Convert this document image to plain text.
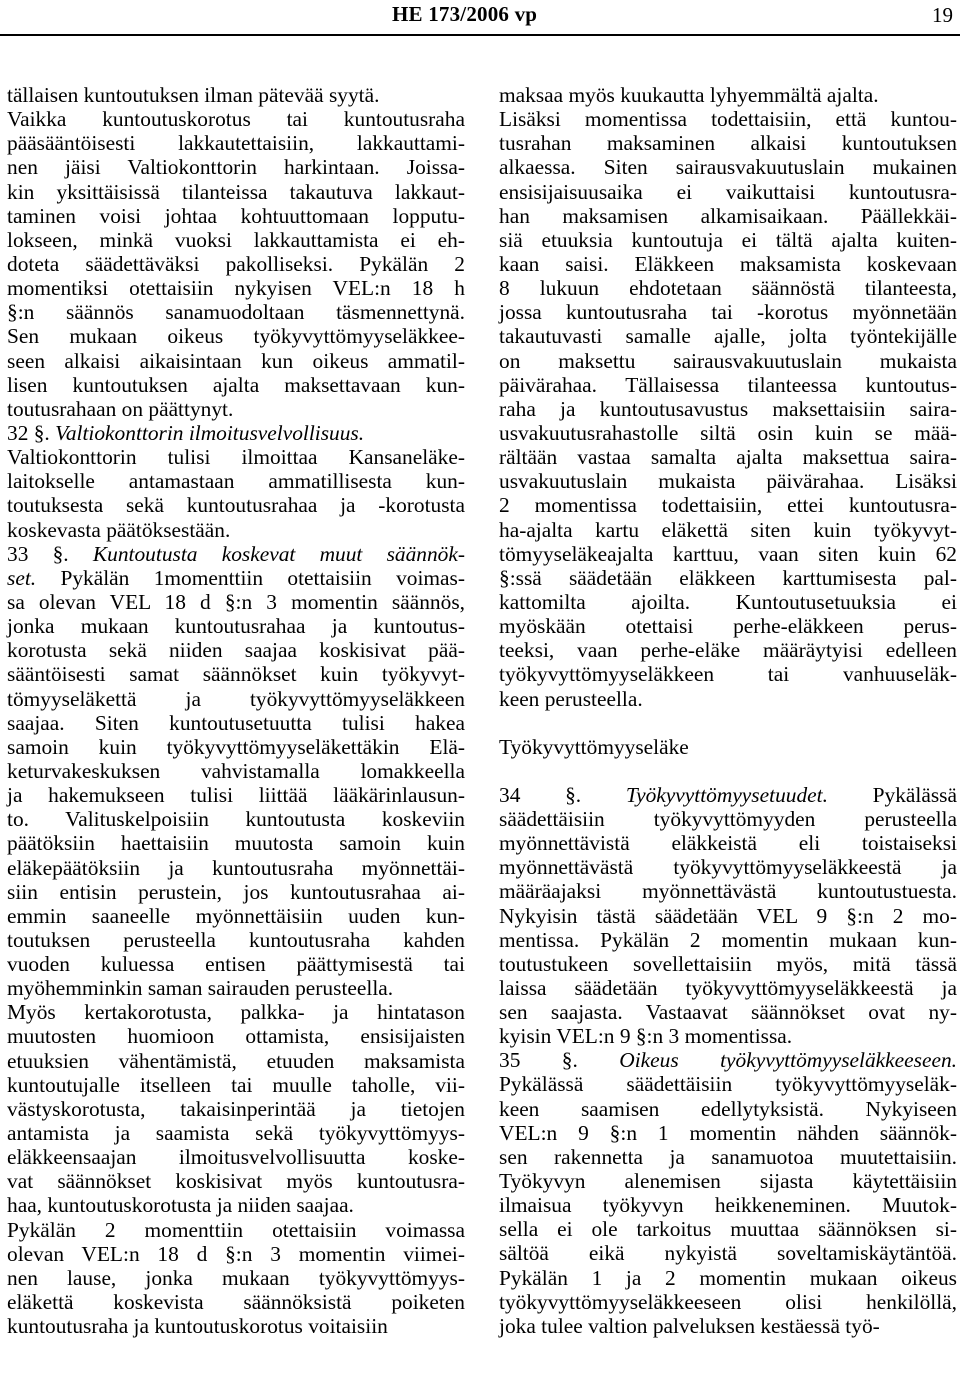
HE 173/2006 vp	19
tällaisen kuntoutuksen ilman pätevää syytä.
Vaikka kuntoutuskorotus tai kuntoutusraha
pääsääntöisesti lakkautettaisiin, lakkauttami-
nen jäisi Valtiokonttorin harkintaan. Joissa-
kin yksittäisissä tilanteissa takautuva lakkaut-
taminen voisi johtaa kohtuuttomaan lopputu-
lokseen, minkä vuoksi lakkauttamista ei eh-
doteta säädettäväksi pakolliseksi. Pykälän 2
momentiksi otettaisiin nykyisen VEL:n 18 h
§:n säännös sanamuodoltaan täsmennettynä.
Sen mukaan oikeus työkyvyttömyyseläkkee-
seen alkaisi aikaisintaan kun oikeus ammatil-
lisen kuntoutuksen ajalta maksettavaan kun-
toutusrahaan on päättynyt.
32 §. Valtiokonttorin ilmoitusvelvollisuus.
Valtiokonttorin tulisi ilmoittaa Kansaneläke-
laitokselle antamastaan ammatillisesta kun-
toutuksesta sekä kuntoutusrahaa ja -korotusta
koskevasta päätöksestään.
33 §. Kuntoutusta koskevat muut säännök-
set. Pykälän 1momenttiin otettaisiin voimas-
sa olevan VEL 18 d §:n 3 momentin säännös,
jonka mukaan kuntoutusrahaa ja kuntoutus-
korotusta sekä niiden saajaa koskisivat pää-
sääntöisesti samat säännökset kuin työkyvyt-
tömyyseläkettä ja työkyvyttömyyseläkkeen
saajaa. Siten kuntoutusetuutta tulisi hakea
samoin kuin työkyvyttömyyseläkettäkin Elä-
keturvakeskuksen vahvistamalla lomakkeella
ja hakemukseen tulisi liittää lääkärinlausun-
to. Valituskelpoisiin kuntoutusta koskeviin
päätöksiin haettaisiin muutosta samoin kuin
eläkepäätöksiin ja kuntoutusraha myönnettäi-
siin entisin perustein, jos kuntoutusrahaa ai-
emmin saaneelle myönnettäisiin uuden kun-
toutuksen perusteella kuntoutusraha kahden
vuoden kuluessa entisen päättymisestä tai
myöhemminkin saman sairauden perusteella.
Myös kertakorotusta, palkka- ja hintatason
muutosten huomioon ottamista, ensisijaisten
etuuksien vähentämistä, etuuden maksamista
kuntoutujalle itselleen tai muulle taholle, vii-
västyskorotusta, takaisinperintää ja tietojen
antamista ja saamista sekä työkyvyttömyys-
eläkkeensaajan ilmoitusvelvollisuutta koske-
vat säännökset koskisivat myös kuntoutusra-
haa, kuntoutuskorotusta ja niiden saajaa.
Pykälän 2 momenttiin otettaisiin voimassa
olevan VEL:n 18 d §:n 3 momentin viimei-
nen lause, jonka mukaan työkyvyttömyys-
eläkettä koskevista säännöksistä poiketen
kuntoutusraha ja kuntoutuskorotus voitaisiin
maksaa myös kuukautta lyhyemmältä ajalta.
Lisäksi momentissa todettaisiin, että kuntou-
tusrahan maksaminen alkaisi kuntoutuksen
alkaessa. Siten sairausvakuutuslain mukainen
ensisijaisuusaika ei vaikuttaisi kuntoutusra-
han maksamisen alkamisaikaan. Päällekkäi-
siä etuuksia kuntoutuja ei tältä ajalta kuiten-
kaan saisi. Eläkkeen maksamista koskevaan
8 lukuun ehdotetaan säännöstä tilanteesta,
jossa kuntoutusraha tai -korotus myönnetään
takautuvasti samalle ajalle, jolta työntekijälle
on maksettu sairausvakuutuslain mukaista
päivärahaa. Tällaisessa tilanteessa kuntoutus-
raha ja kuntoutusavustus maksettaisiin saira-
usvakuutusrahastolle siltä osin kuin se mää-
rältään vastaa samalta ajalta maksettua saira-
usvakuutuslain mukaista päivärahaa. Lisäksi
2 momentissa todettaisiin, ettei kuntoutusra-
ha-ajalta kartu eläkettä siten kuin työkyvyt-
tömyyseläkeajalta karttuu, vaan siten kuin 62
§:ssä säädetään eläkkeen karttumisesta pal-
kattomilta ajoilta. Kuntoutusetuuksia ei
myöskään otettaisi perhe-eläkkeen perus-
teeksi, vaan perhe-eläke määräytyisi edelleen
työkyvyttömyyseläkkeen tai vanhuuseläk-
keen perusteella.
Työkyvyttömyyseläke
34 §. Työkyvyttömyysetuudet. Pykälässä
säädettäisiin työkyvyttömyyden perusteella
myönnettävistä eläkkeistä eli toistaiseksi
myönnettävästä työkyvyttömyyseläkkeestä ja
määräajaksi myönnettävästä kuntoutustuesta.
Nykyisin tästä säädetään VEL 9 §:n 2 mo-
mentissa. Pykälän 2 momentin mukaan kun-
toutustukeen sovellettaisiin myös, mitä tässä
laissa säädetään työkyvyttömyyseläkkeestä ja
sen saajasta. Vastaavat säännökset ovat ny-
kyisin VEL:n 9 §:n 3 momentissa.
35 §. Oikeus työkyvyttömyyseläkkeeseen.
Pykälässä säädettäisiin työkyvyttömyyseläk-
keen saamisen edellytyksistä. Nykyiseen
VEL:n 9 §:n 1 momentin nähden säännök-
sen rakennetta ja sanamuotoa muutettaisiin.
Työkyvyn alenemisen sijasta käytettäisiin
ilmaisua työkyvyn heikkeneminen. Muutok-
sella ei ole tarkoitus muuttaa säännöksen si-
sältöä eikä nykyistä soveltamiskäytäntöä.
Pykälän 1 ja 2 momentin mukaan oikeus
työkyvyttömyyseläkkeeseen olisi henkilöllä,
joka tulee valtion palveluksen kestäessä työ-
